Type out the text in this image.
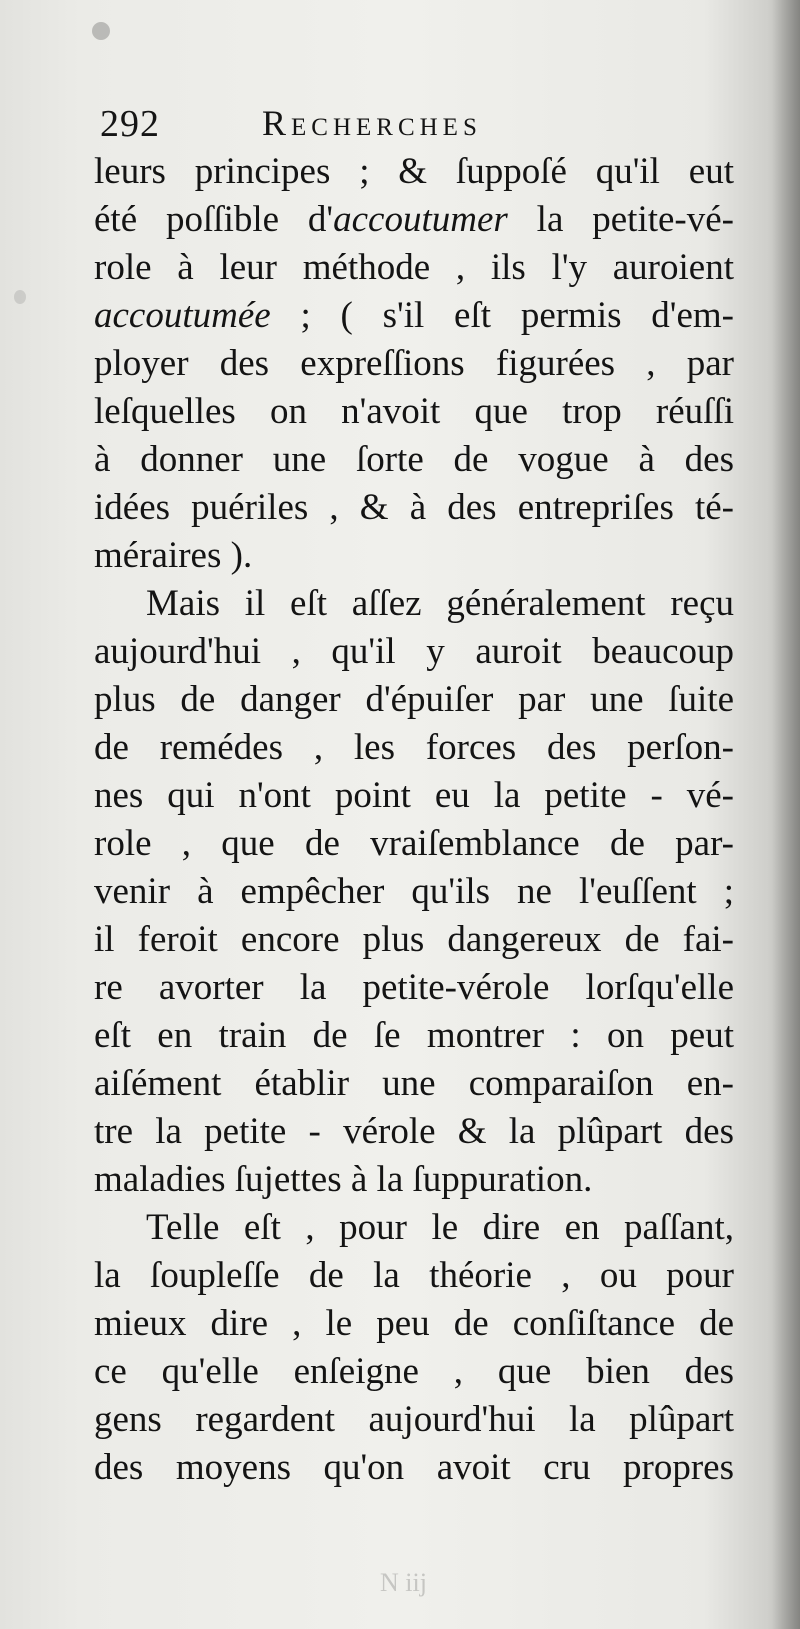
292	Recherches
leurs principes ; & ſuppoſé qu'il eut
été poſſible d'accoutumer la petite-vé-
role à leur méthode , ils l'y auroient
accoutumée ; ( s'il eſt permis d'em-
ployer des expreſſions figurées , par
leſquelles on n'avoit que trop réuſſi
à donner une ſorte de vogue à des
idées puériles , & à des entrepriſes té-
méraires ).
Mais il eſt aſſez généralement reçu
aujourd'hui , qu'il y auroit beaucoup
plus de danger d'épuiſer par une ſuite
de remédes , les forces des perſon-
nes qui n'ont point eu la petite - vé-
role , que de vraiſemblance de par-
venir à empêcher qu'ils ne l'euſſent ;
il feroit encore plus dangereux de fai-
re avorter la petite-vérole lorſqu'elle
eſt en train de ſe montrer : on peut
aiſément établir une comparaiſon en-
tre la petite - vérole & la plûpart des
maladies ſujettes à la ſuppuration.
Telle eſt , pour le dire en paſſant,
la ſoupleſſe de la théorie , ou pour
mieux dire , le peu de conſiſtance de
ce qu'elle enſeigne , que bien des
gens regardent aujourd'hui la plûpart
des moyens qu'on avoit cru propres
N iij
